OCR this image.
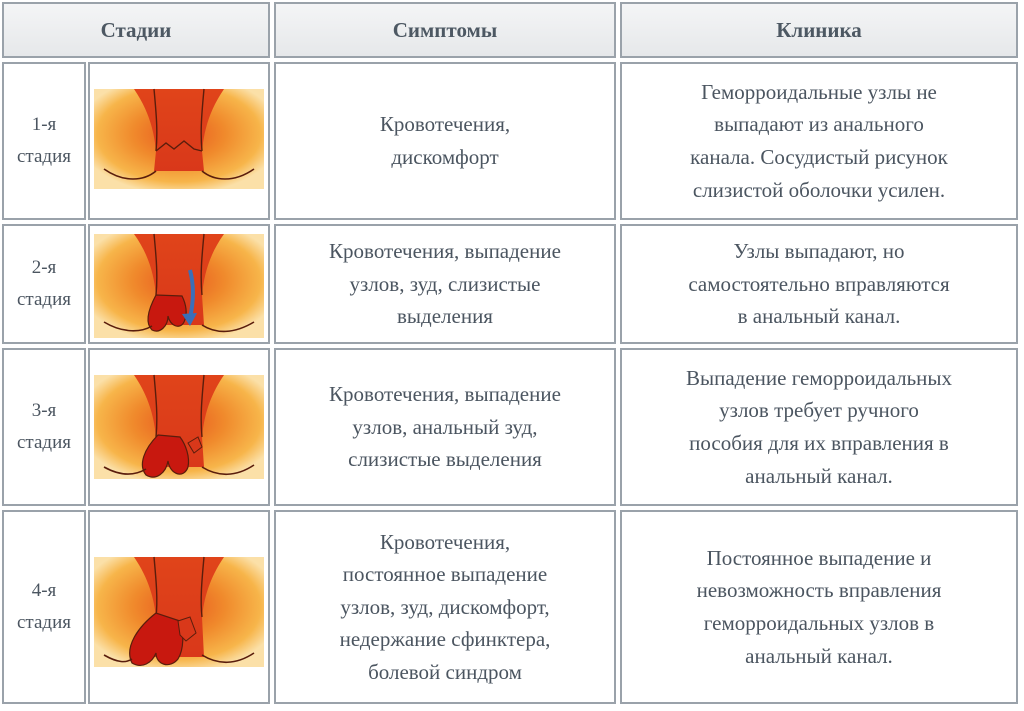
Стадии	Симптомы	Клиника
1-я
стадия
Кровотечения,
дискомфорт
Геморроидальные узлы не
выпадают из анального
канала. Сосудистый рисунок
слизистой оболочки усилен.
2-я
стадия
Кровотечения, выпадение
узлов, зуд, слизистые
выделения
Узлы выпадают, но
самостоятельно вправляются
в анальный канал.
3-я
стадия
Кровотечения, выпадение
узлов, анальный зуд,
слизистые выделения
Выпадение геморроидальных
узлов требует ручного
пособия для их вправления в
анальный канал.
4-я
стадия
Кровотечения,
постоянное выпадение
узлов, зуд, дискомфорт,
недержание сфинктера,
болевой синдром
Постоянное выпадение и
невозможность вправления
геморроидальных узлов в
анальный канал.
